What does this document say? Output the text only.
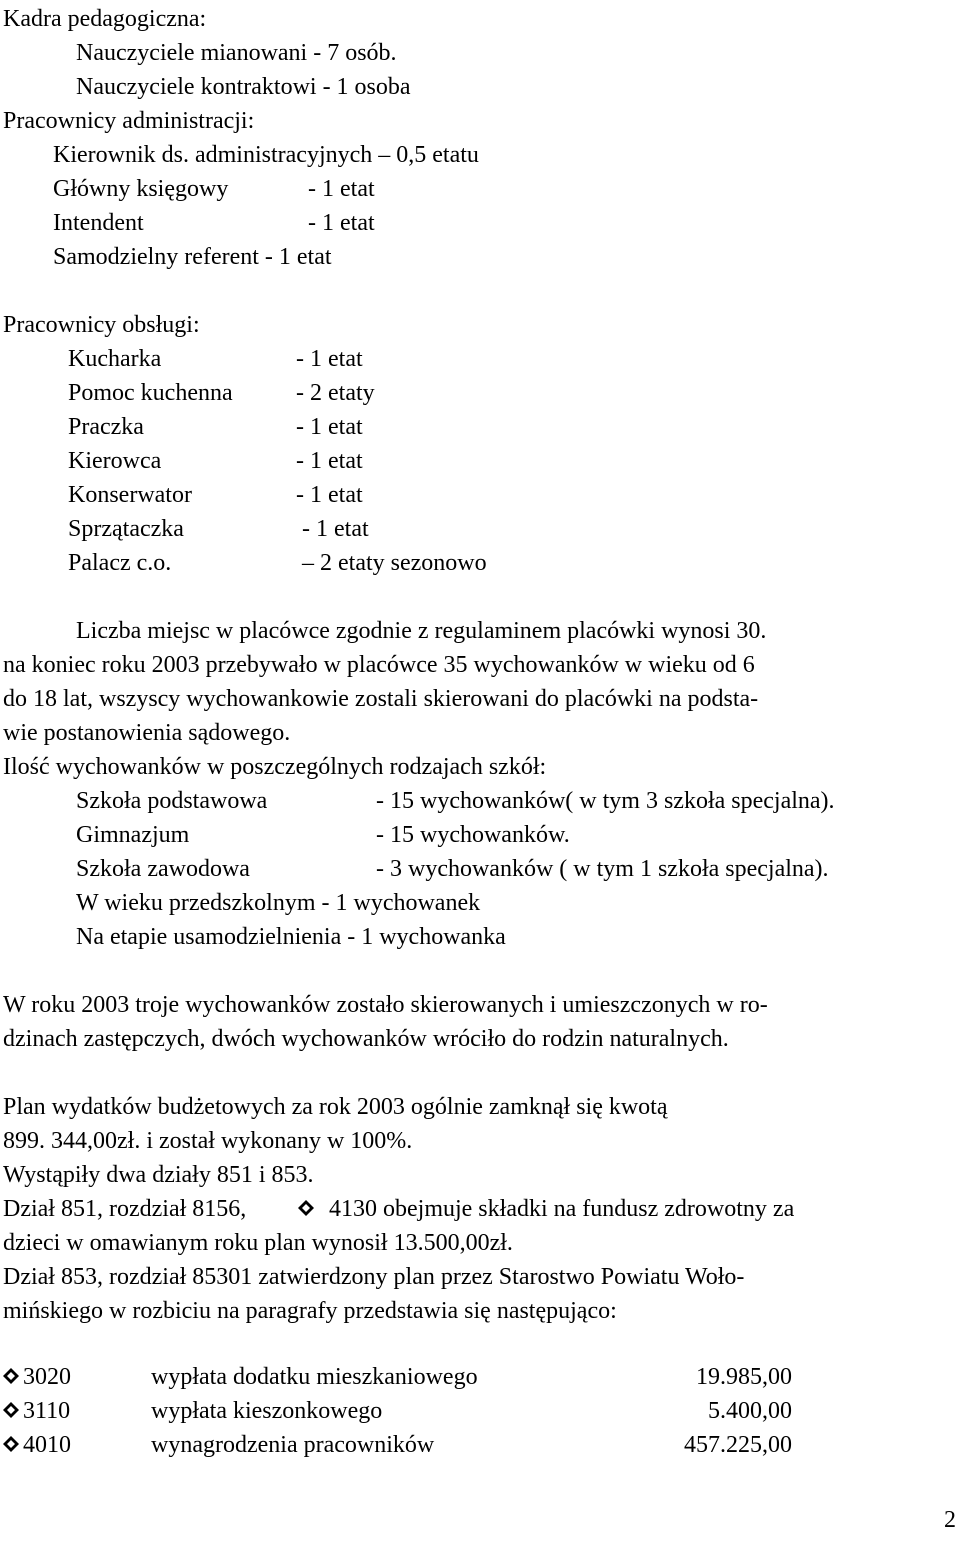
Kadra pedagogiczna:
Nauczyciele mianowani - 7 osób.
Nauczyciele kontraktowi - 1 osoba
Pracownicy administracji:
Kierownik ds. administracyjnych – 0,5 etatu
Główny księgowy	- 1 etat
Intendent	- 1 etat
Samodzielny referent - 1 etat
Pracownicy obsługi:
Kucharka	- 1 etat
Pomoc kuchenna	- 2 etaty
Praczka	- 1 etat
Kierowca	- 1 etat
Konserwator	- 1 etat
Sprzątaczka	- 1 etat
Palacz c.o.	– 2 etaty sezonowo
Liczba miejsc w placówce zgodnie z regulaminem placówki wynosi 30.
na koniec roku 2003 przebywało w placówce 35 wychowanków w wieku od 6
do 18 lat, wszyscy wychowankowie zostali skierowani do placówki na podsta-
wie postanowienia sądowego.
Ilość wychowanków w poszczególnych rodzajach szkół:
Szkoła podstawowa	- 15 wychowanków( w tym 3 szkoła specjalna).
Gimnazjum	- 15 wychowanków.
Szkoła zawodowa	- 3 wychowanków ( w tym 1 szkoła specjalna).
W wieku przedszkolnym - 1 wychowanek
Na etapie usamodzielnienia - 1 wychowanka
W roku 2003 troje wychowanków zostało skierowanych i umieszczonych w ro-
dzinach zastępczych, dwóch wychowanków wróciło do rodzin naturalnych.
Plan wydatków budżetowych za rok 2003 ogólnie zamknął się kwotą
899. 344,00zł. i został wykonany w 100%.
Wystąpiły dwa działy 851 i 853.
Dział 851, rozdział 8156,	4130 obejmuje składki na fundusz zdrowotny za
dzieci w omawianym roku plan wynosił 13.500,00zł.
Dział 853, rozdział 85301 zatwierdzony plan przez Starostwo Powiatu Woło-
mińskiego w rozbiciu na paragrafy przedstawia się następująco:
3020	wypłata dodatku mieszkaniowego	19.985,00
3110	wypłata kieszonkowego	5.400,00
4010	wynagrodzenia pracowników	457.225,00
2
